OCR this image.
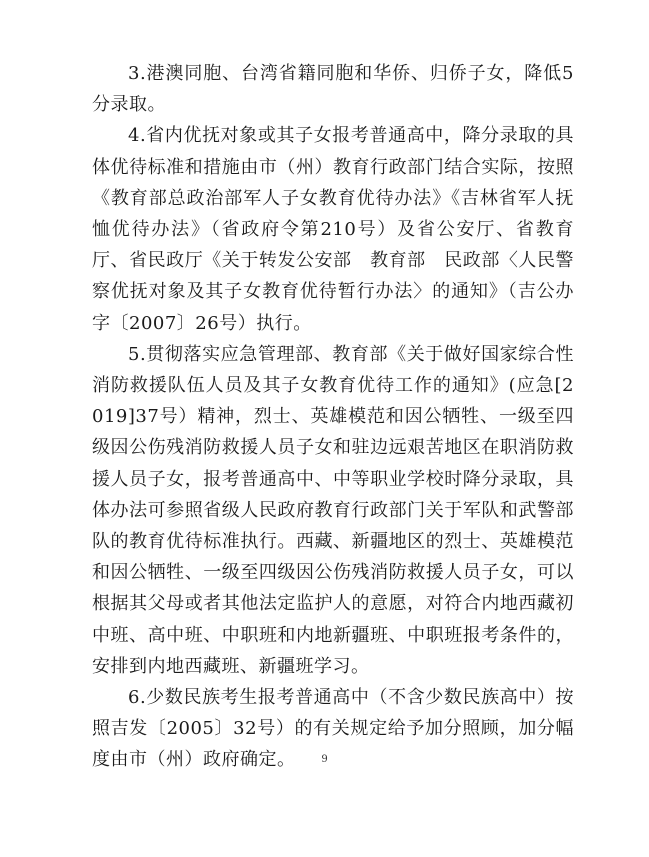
3.港澳同胞、台湾省籍同胞和华侨、归侨子女，降低5分录取。

4.省内优抚对象或其子女报考普通高中，降分录取的具体优待标准和措施由市（州）教育行政部门结合实际，按照《教育部总政治部军人子女教育优待办法》《吉林省军人抚恤优待办法》（省政府令第210号）及省公安厅、省教育厅、省民政厅《关于转发公安部　教育部　民政部〈人民警察优抚对象及其子女教育优待暂行办法〉的通知》（吉公办字〔2007〕26号）执行。

5.贯彻落实应急管理部、教育部《关于做好国家综合性消防救援队伍人员及其子女教育优待工作的通知》(应急[2019]37号）精神，烈士、英雄模范和因公牺牲、一级至四级因公伤残消防救援人员子女和驻边远艰苦地区在职消防救援人员子女，报考普通高中、中等职业学校时降分录取，具体办法可参照省级人民政府教育行政部门关于军队和武警部队的教育优待标准执行。西藏、新疆地区的烈士、英雄模范和因公牺牲、一级至四级因公伤残消防救援人员子女，可以根据其父母或者其他法定监护人的意愿，对符合内地西藏初中班、高中班、中职班和内地新疆班、中职班报考条件的，安排到内地西藏班、新疆班学习。

6.少数民族考生报考普通高中（不含少数民族高中）按照吉发〔2005〕32号）的有关规定给予加分照顾，加分幅度由市（州）政府确定。	9
